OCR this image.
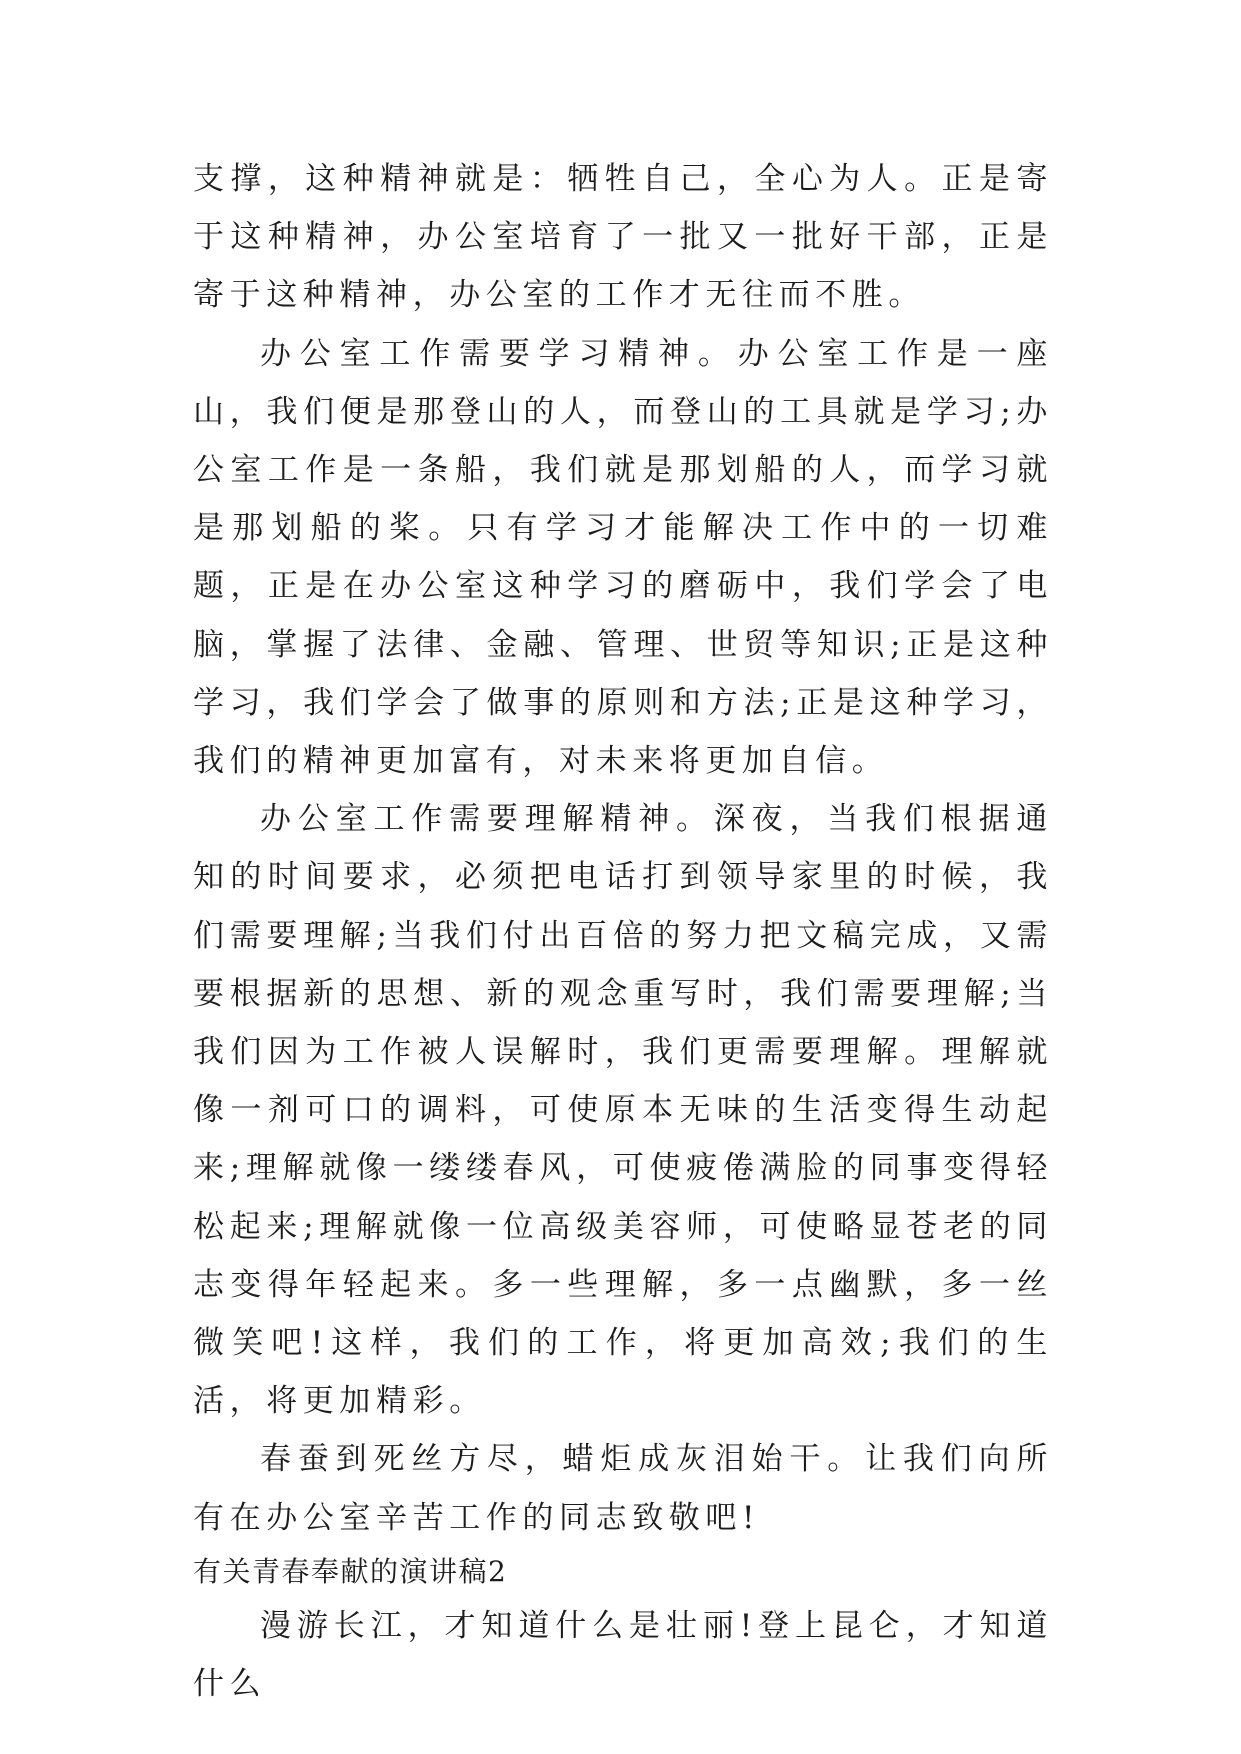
支撑，这种精神就是：牺牲自己，全心为人。正是寄于这种精神，办公室培育了一批又一批好干部，正是寄于这种精神，办公室的工作才无往而不胜。

办公室工作需要学习精神。办公室工作是一座山，我们便是那登山的人，而登山的工具就是学习;办公室工作是一条船，我们就是那划船的人，而学习就是那划船的桨。只有学习才能解决工作中的一切难题，正是在办公室这种学习的磨砺中，我们学会了电脑，掌握了法律、金融、管理、世贸等知识;正是这种学习，我们学会了做事的原则和方法;正是这种学习，我们的精神更加富有，对未来将更加自信。

办公室工作需要理解精神。深夜，当我们根据通知的时间要求，必须把电话打到领导家里的时候，我们需要理解;当我们付出百倍的努力把文稿完成，又需要根据新的思想、新的观念重写时，我们需要理解;当我们因为工作被人误解时，我们更需要理解。理解就像一剂可口的调料，可使原本无味的生活变得生动起来;理解就像一缕缕春风，可使疲倦满脸的同事变得轻松起来;理解就像一位高级美容师，可使略显苍老的同志变得年轻起来。多一些理解，多一点幽默，多一丝微笑吧!这样，我们的工作，将更加高效;我们的生活，将更加精彩。

春蚕到死丝方尽，蜡炬成灰泪始干。让我们向所有在办公室辛苦工作的同志致敬吧!

有关青春奉献的演讲稿2

漫游长江，才知道什么是壮丽!登上昆仑，才知道什么
